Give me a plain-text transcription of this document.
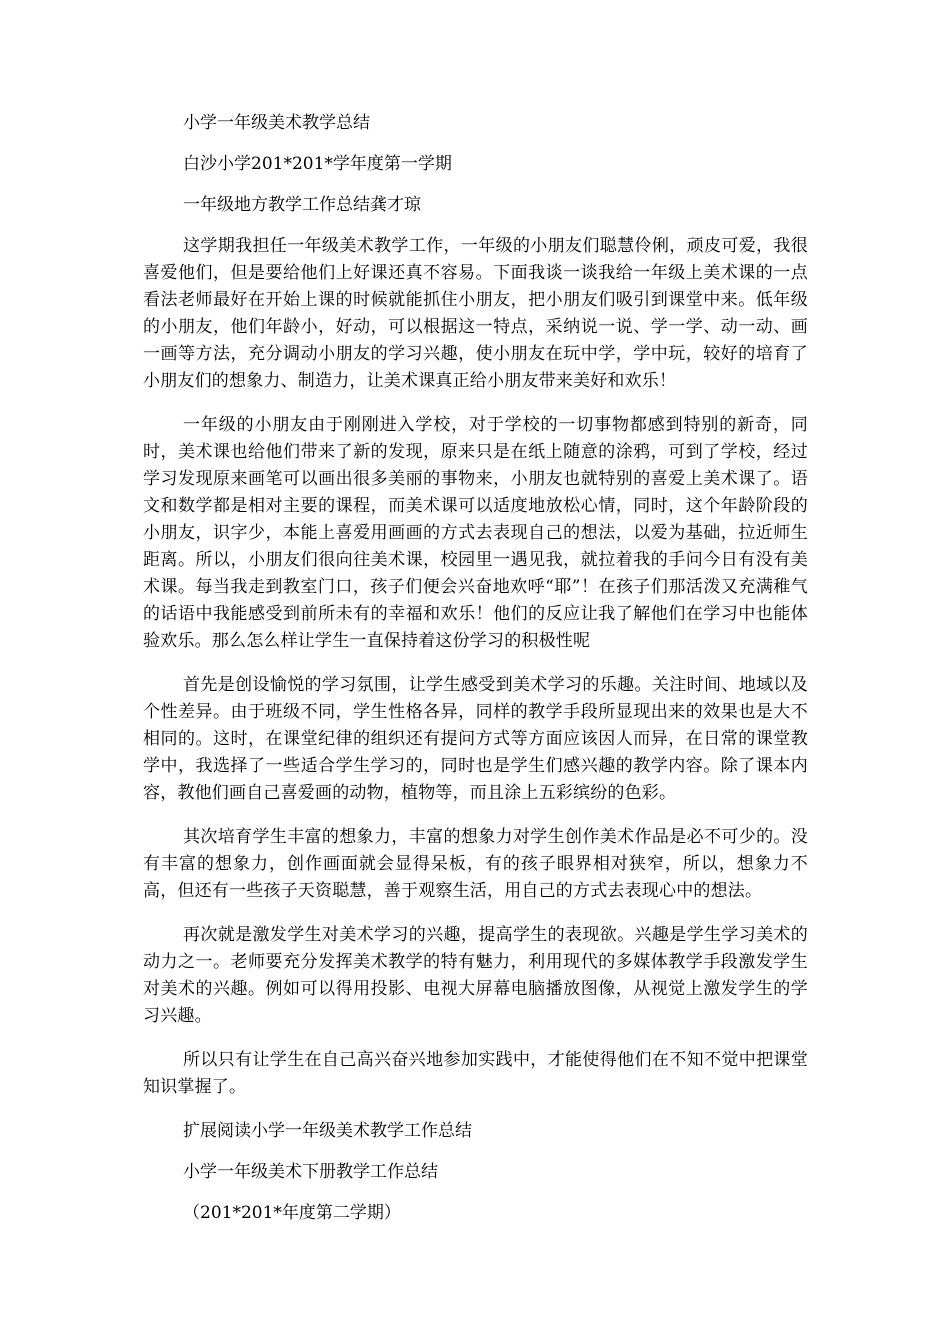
小学一年级美术教学总结

白沙小学201*201*学年度第一学期

一年级地方教学工作总结龚才琼

这学期我担任一年级美术教学工作，一年级的小朋友们聪慧伶俐，顽皮可爱，我很喜爱他们，但是要给他们上好课还真不容易。下面我谈一谈我给一年级上美术课的一点看法老师最好在开始上课的时候就能抓住小朋友，把小朋友们吸引到课堂中来。低年级的小朋友，他们年龄小，好动，可以根据这一特点，采纳说一说、学一学、动一动、画一画等方法，充分调动小朋友的学习兴趣，使小朋友在玩中学，学中玩，较好的培育了小朋友们的想象力、制造力，让美术课真正给小朋友带来美好和欢乐！

一年级的小朋友由于刚刚进入学校，对于学校的一切事物都感到特别的新奇，同时，美术课也给他们带来了新的发现，原来只是在纸上随意的涂鸦，可到了学校，经过学习发现原来画笔可以画出很多美丽的事物来，小朋友也就特别的喜爱上美术课了。语文和数学都是相对主要的课程，而美术课可以适度地放松心情，同时，这个年龄阶段的小朋友，识字少，本能上喜爱用画画的方式去表现自己的想法，以爱为基础，拉近师生距离。所以，小朋友们很向往美术课，校园里一遇见我，就拉着我的手问今日有没有美术课。每当我走到教室门口，孩子们便会兴奋地欢呼“耶”！在孩子们那活泼又充满稚气的话语中我能感受到前所未有的幸福和欢乐！他们的反应让我了解他们在学习中也能体验欢乐。那么怎么样让学生一直保持着这份学习的积极性呢

首先是创设愉悦的学习氛围，让学生感受到美术学习的乐趣。关注时间、地域以及个性差异。由于班级不同，学生性格各异，同样的教学手段所显现出来的效果也是大不相同的。这时，在课堂纪律的组织还有提问方式等方面应该因人而异，在日常的课堂教学中，我选择了一些适合学生学习的，同时也是学生们感兴趣的教学内容。除了课本内容，教他们画自己喜爱画的动物，植物等，而且涂上五彩缤纷的色彩。

其次培育学生丰富的想象力，丰富的想象力对学生创作美术作品是必不可少的。没有丰富的想象力，创作画面就会显得呆板，有的孩子眼界相对狭窄，所以，想象力不高，但还有一些孩子天资聪慧，善于观察生活，用自己的方式去表现心中的想法。

再次就是激发学生对美术学习的兴趣，提高学生的表现欲。兴趣是学生学习美术的动力之一。老师要充分发挥美术教学的特有魅力，利用现代的多媒体教学手段激发学生对美术的兴趣。例如可以得用投影、电视大屏幕电脑播放图像，从视觉上激发学生的学习兴趣。

所以只有让学生在自己高兴奋兴地参加实践中，才能使得他们在不知不觉中把课堂知识掌握了。

扩展阅读小学一年级美术教学工作总结

小学一年级美术下册教学工作总结

（201*201*年度第二学期）
